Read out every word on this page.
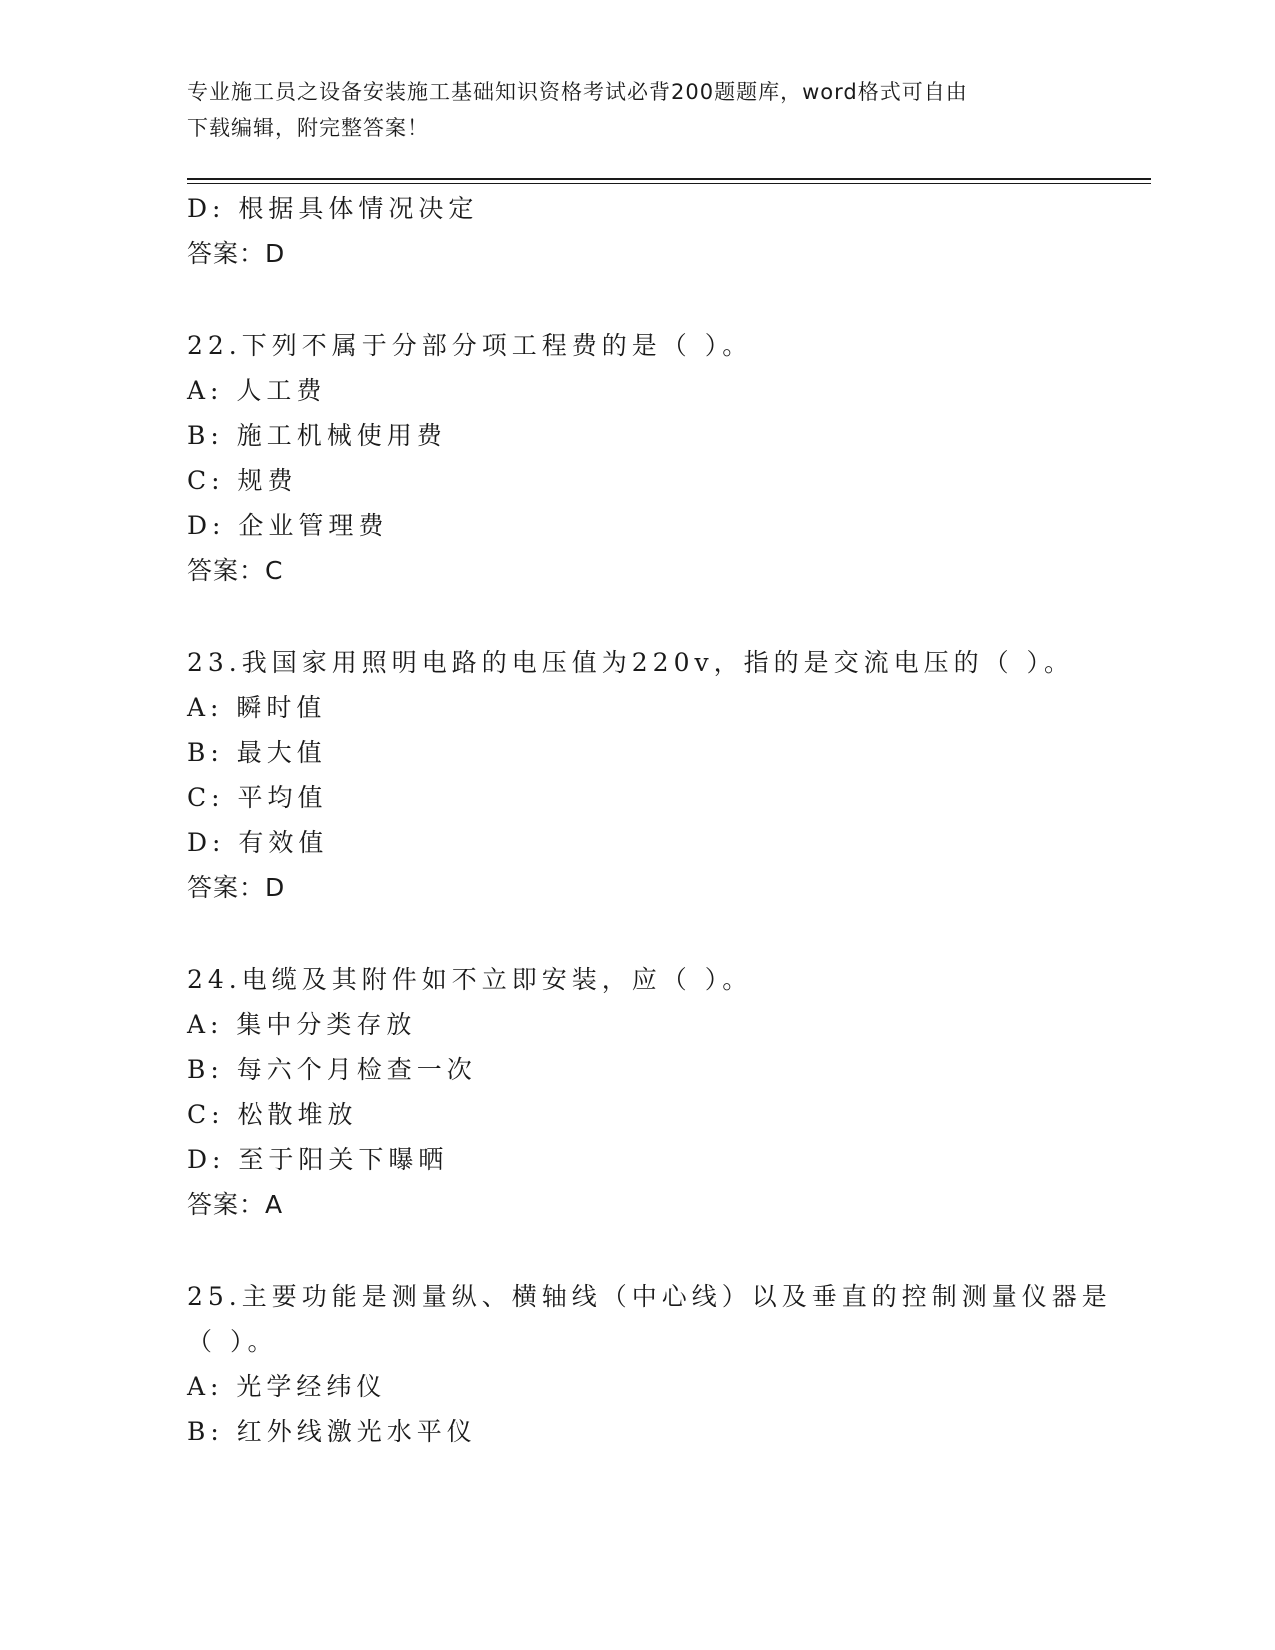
专业施工员之设备安装施工基础知识资格考试必背200题题库，word格式可自由
下载编辑，附完整答案！
D: 根据具体情况决定
答案：D
22.下列不属于分部分项工程费的是（ ）。
A: 人工费
B: 施工机械使用费
C: 规费
D: 企业管理费
答案：C
23.我国家用照明电路的电压值为220v，指的是交流电压的（ ）。
A: 瞬时值
B: 最大值
C: 平均值
D: 有效值
答案：D
24.电缆及其附件如不立即安装，应（ ）。
A: 集中分类存放
B: 每六个月检查一次
C: 松散堆放
D: 至于阳关下曝晒
答案：A
25.主要功能是测量纵、横轴线（中心线）以及垂直的控制测量仪器是
（ ）。
A: 光学经纬仪
B: 红外线激光水平仪
